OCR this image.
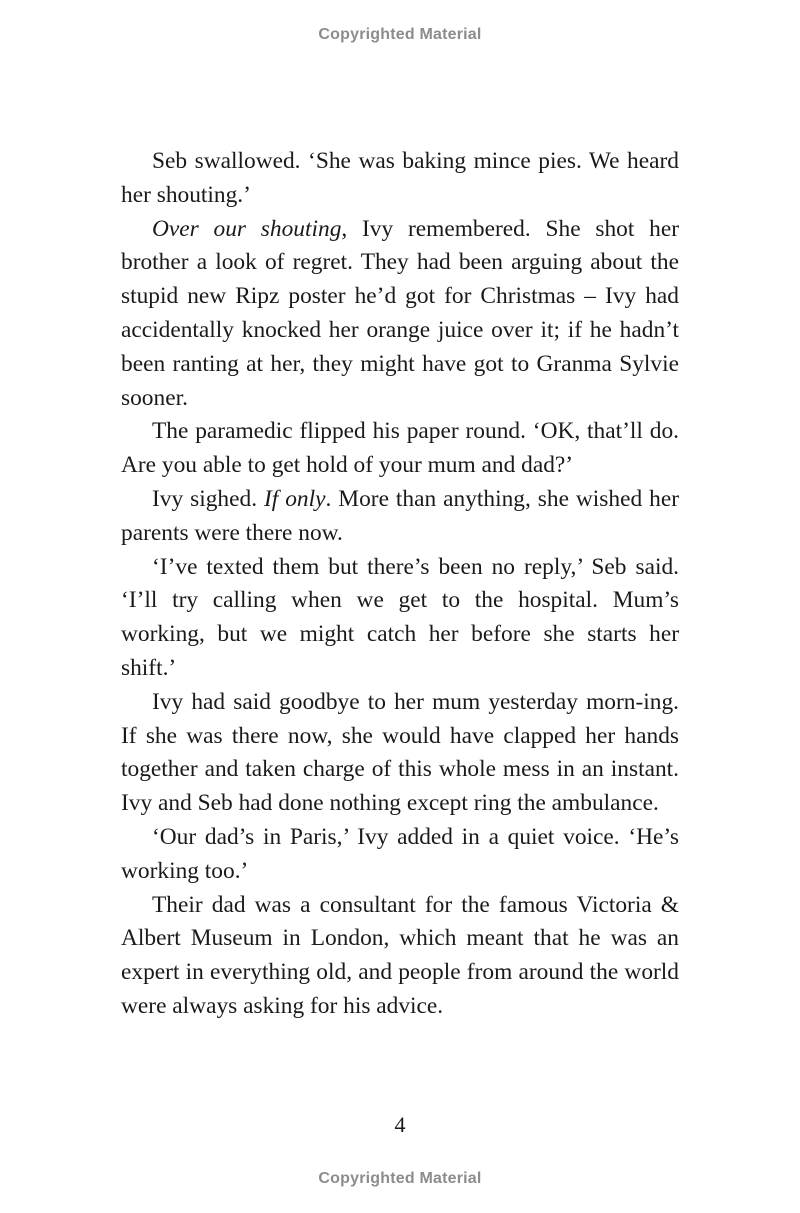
Copyrighted Material

Seb swallowed. ‘She was baking mince pies. We heard her shouting.’

Over our shouting, Ivy remembered. She shot her brother a look of regret. They had been arguing about the stupid new Ripz poster he’d got for Christmas – Ivy had accidentally knocked her orange juice over it; if he hadn’t been ranting at her, they might have got to Granma Sylvie sooner.

The paramedic flipped his paper round. ‘OK, that’ll do. Are you able to get hold of your mum and dad?’

Ivy sighed. If only. More than anything, she wished her parents were there now.

‘I’ve texted them but there’s been no reply,’ Seb said. ‘I’ll try calling when we get to the hospital. Mum’s working, but we might catch her before she starts her shift.’

Ivy had said goodbye to her mum yesterday morn-ing. If she was there now, she would have clapped her hands together and taken charge of this whole mess in an instant. Ivy and Seb had done nothing except ring the ambulance.

‘Our dad’s in Paris,’ Ivy added in a quiet voice. ‘He’s working too.’

Their dad was a consultant for the famous Victoria & Albert Museum in London, which meant that he was an expert in everything old, and people from around the world were always asking for his advice.

4
Copyrighted Material
